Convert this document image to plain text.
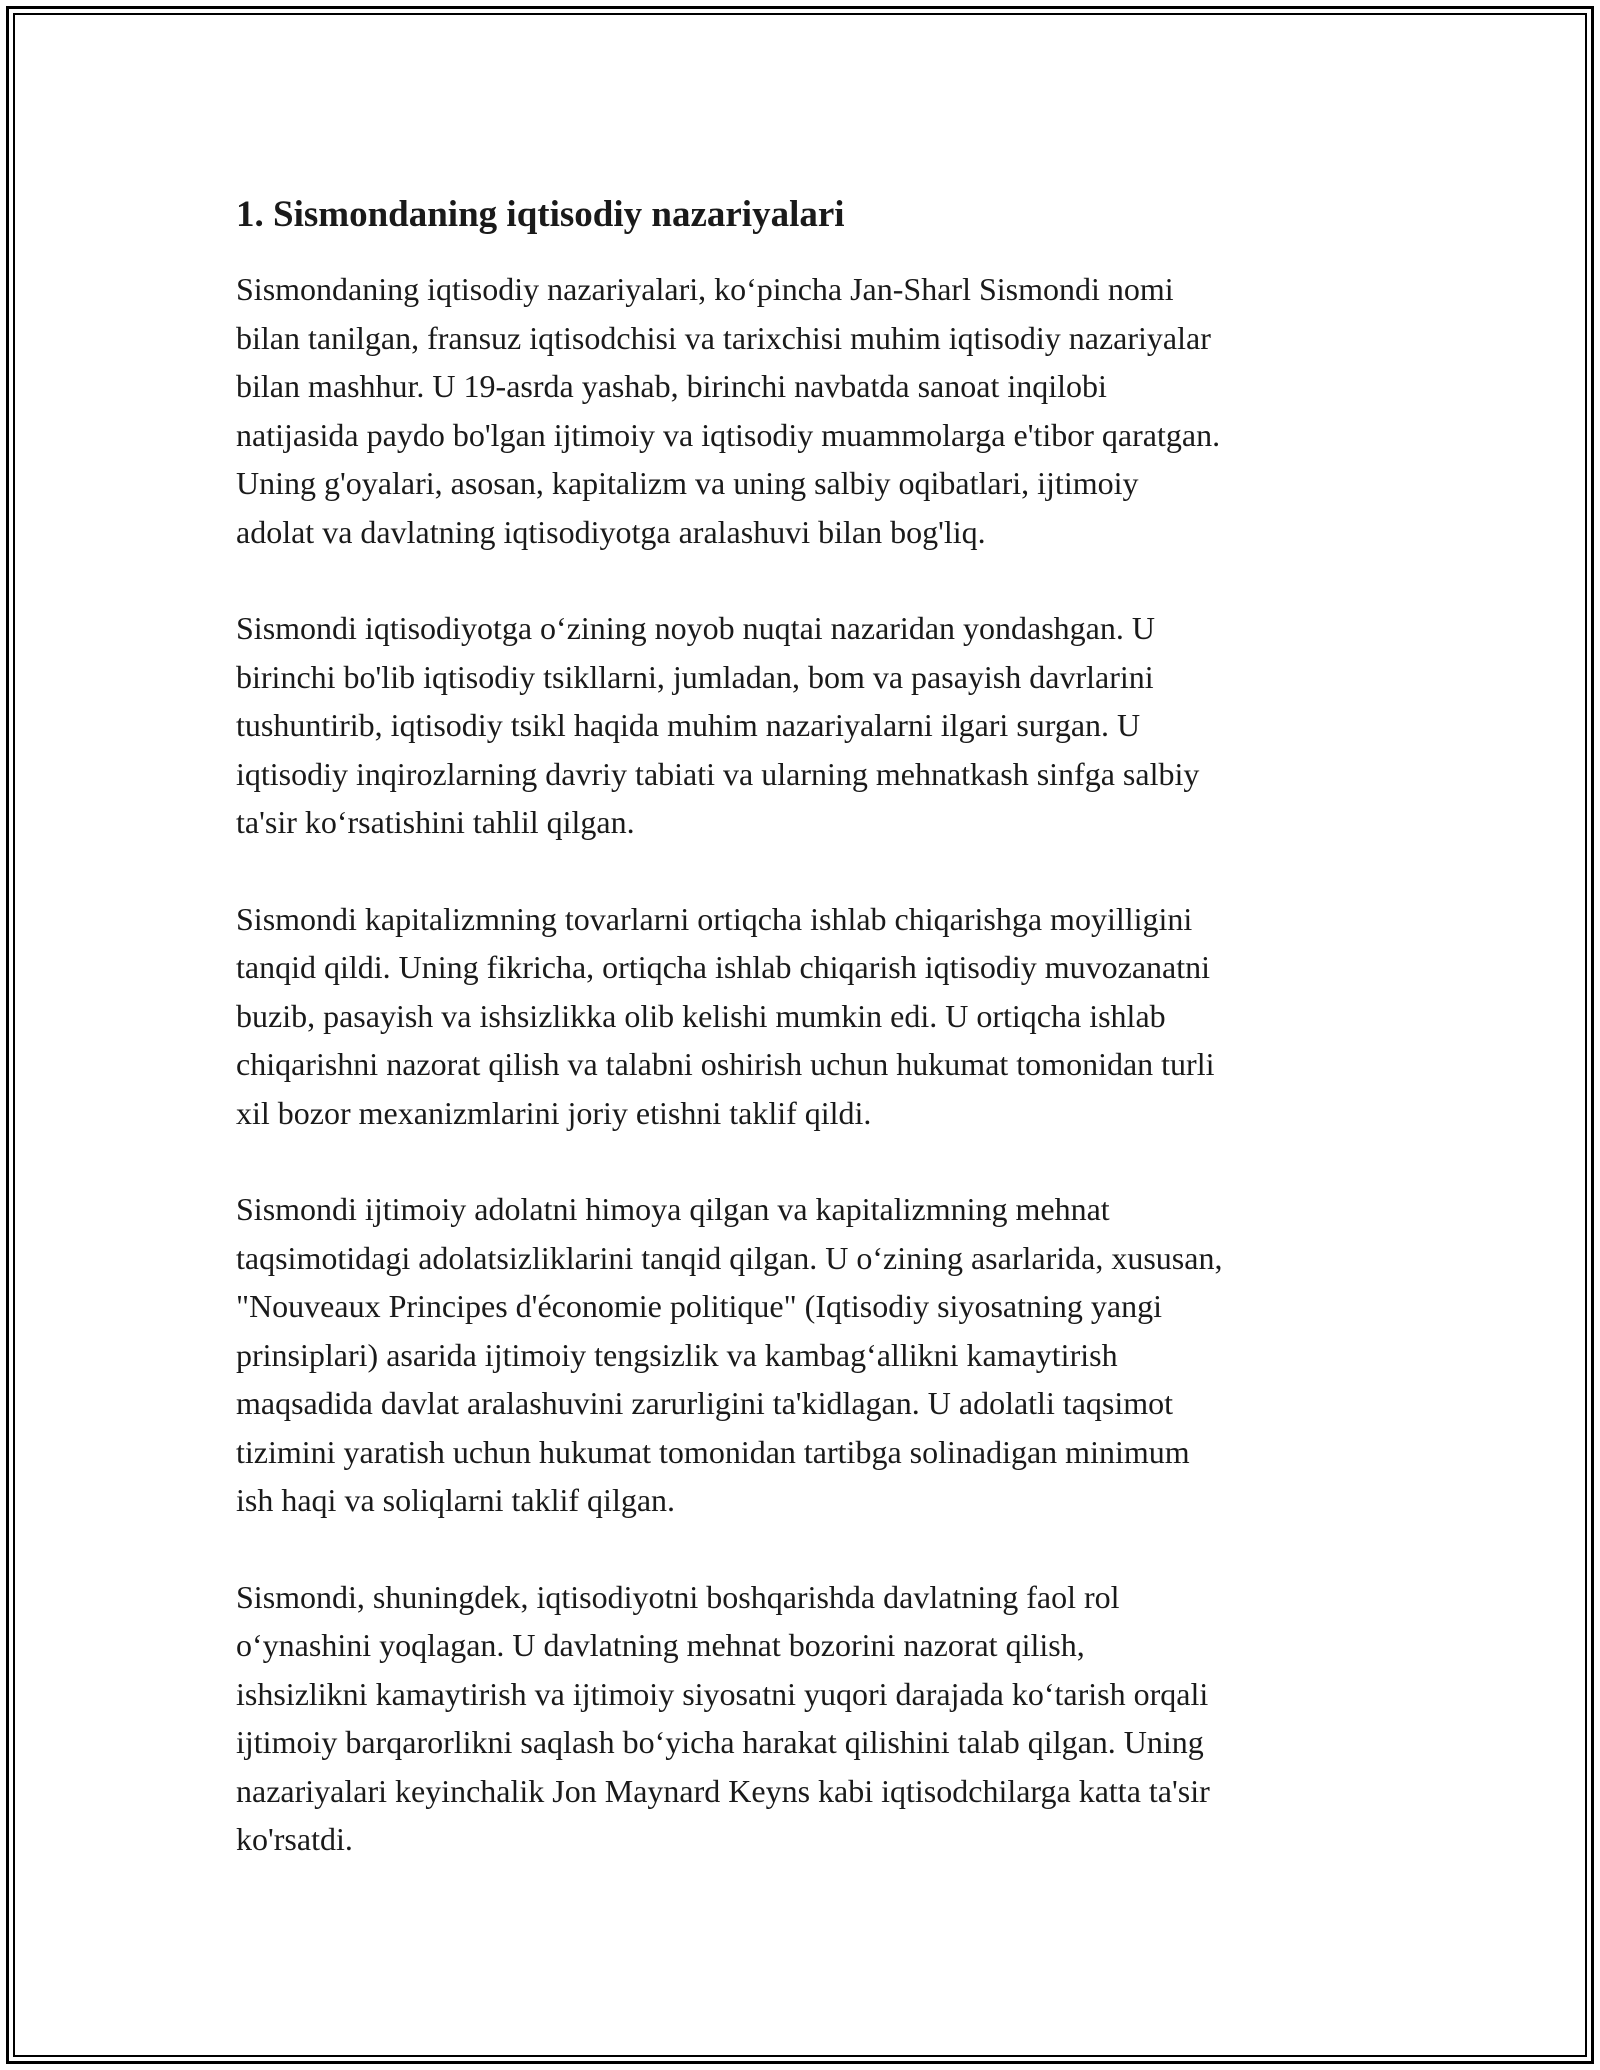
1. Sismondaning iqtisodiy nazariyalari

Sismondaning iqtisodiy nazariyalari, ko‘pincha Jan-Sharl Sismondi nomi
bilan tanilgan, fransuz iqtisodchisi va tarixchisi muhim iqtisodiy nazariyalar
bilan mashhur. U 19-asrda yashab, birinchi navbatda sanoat inqilobi
natijasida paydo bo'lgan ijtimoiy va iqtisodiy muammolarga e'tibor qaratgan.
Uning g'oyalari, asosan, kapitalizm va uning salbiy oqibatlari, ijtimoiy
adolat va davlatning iqtisodiyotga aralashuvi bilan bog'liq.

Sismondi iqtisodiyotga o‘zining noyob nuqtai nazaridan yondashgan. U
birinchi bo'lib iqtisodiy tsikllarni, jumladan, bom va pasayish davrlarini
tushuntirib, iqtisodiy tsikl haqida muhim nazariyalarni ilgari surgan. U
iqtisodiy inqirozlarning davriy tabiati va ularning mehnatkash sinfga salbiy
ta'sir ko‘rsatishini tahlil qilgan.

Sismondi kapitalizmning tovarlarni ortiqcha ishlab chiqarishga moyilligini
tanqid qildi. Uning fikricha, ortiqcha ishlab chiqarish iqtisodiy muvozanatni
buzib, pasayish va ishsizlikka olib kelishi mumkin edi. U ortiqcha ishlab
chiqarishni nazorat qilish va talabni oshirish uchun hukumat tomonidan turli
xil bozor mexanizmlarini joriy etishni taklif qildi.

Sismondi ijtimoiy adolatni himoya qilgan va kapitalizmning mehnat
taqsimotidagi adolatsizliklarini tanqid qilgan. U o‘zining asarlarida, xususan,
"Nouveaux Principes d'économie politique" (Iqtisodiy siyosatning yangi
prinsiplari) asarida ijtimoiy tengsizlik va kambag‘allikni kamaytirish
maqsadida davlat aralashuvini zarurligini ta'kidlagan. U adolatli taqsimot
tizimini yaratish uchun hukumat tomonidan tartibga solinadigan minimum
ish haqi va soliqlarni taklif qilgan.

Sismondi, shuningdek, iqtisodiyotni boshqarishda davlatning faol rol
o‘ynashini yoqlagan. U davlatning mehnat bozorini nazorat qilish,
ishsizlikni kamaytirish va ijtimoiy siyosatni yuqori darajada ko‘tarish orqali
ijtimoiy barqarorlikni saqlash bo‘yicha harakat qilishini talab qilgan. Uning
nazariyalari keyinchalik Jon Maynard Keyns kabi iqtisodchilarga katta ta'sir
ko'rsatdi.
